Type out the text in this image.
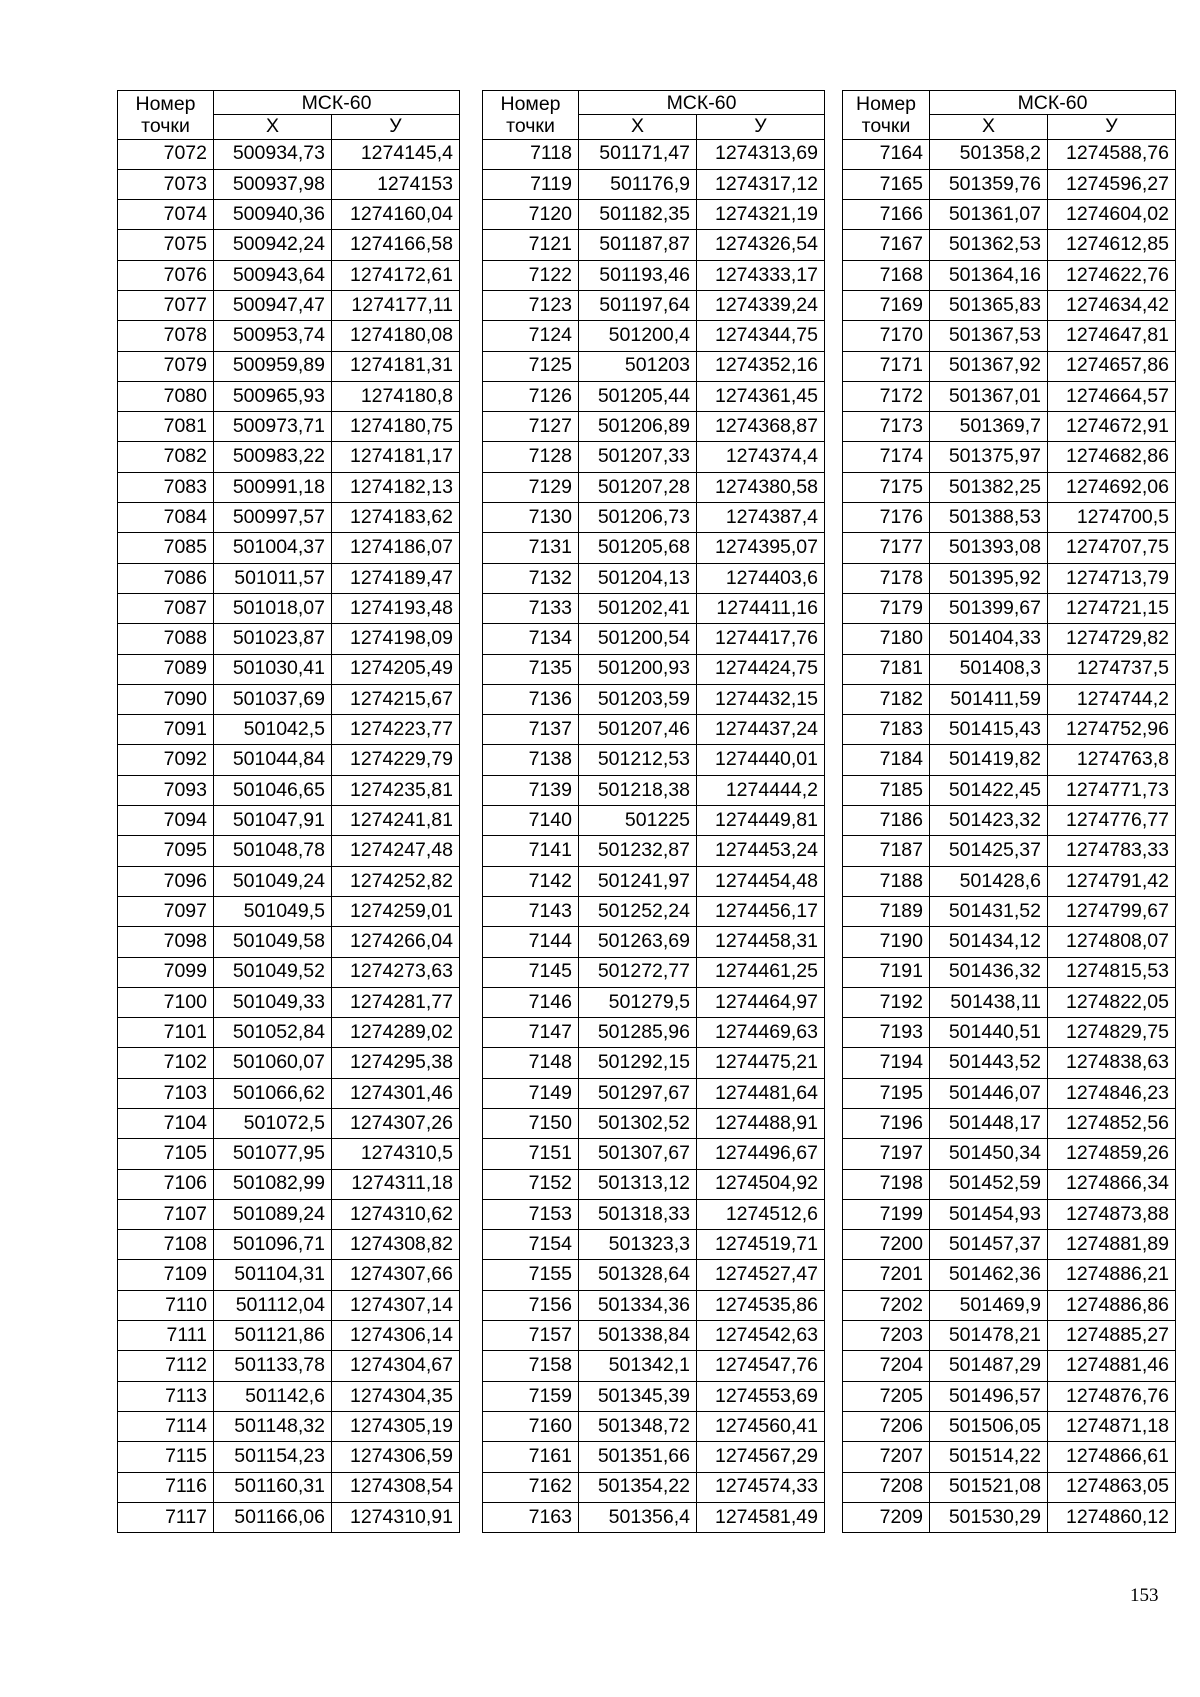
Номер точки	МСК-60	
	Х	У
7072	500934,73	1274145,4
7073	500937,98	1274153
7074	500940,36	1274160,04
7075	500942,24	1274166,58
7076	500943,64	1274172,61
7077	500947,47	1274177,11
7078	500953,74	1274180,08
7079	500959,89	1274181,31
7080	500965,93	1274180,8
7081	500973,71	1274180,75
7082	500983,22	1274181,17
7083	500991,18	1274182,13
7084	500997,57	1274183,62
7085	501004,37	1274186,07
7086	501011,57	1274189,47
7087	501018,07	1274193,48
7088	501023,87	1274198,09
7089	501030,41	1274205,49
7090	501037,69	1274215,67
7091	501042,5	1274223,77
7092	501044,84	1274229,79
7093	501046,65	1274235,81
7094	501047,91	1274241,81
7095	501048,78	1274247,48
7096	501049,24	1274252,82
7097	501049,5	1274259,01
7098	501049,58	1274266,04
7099	501049,52	1274273,63
7100	501049,33	1274281,77
7101	501052,84	1274289,02
7102	501060,07	1274295,38
7103	501066,62	1274301,46
7104	501072,5	1274307,26
7105	501077,95	1274310,5
7106	501082,99	1274311,18
7107	501089,24	1274310,62
7108	501096,71	1274308,82
7109	501104,31	1274307,66
7110	501112,04	1274307,14
7111	501121,86	1274306,14
7112	501133,78	1274304,67
7113	501142,6	1274304,35
7114	501148,32	1274305,19
7115	501154,23	1274306,59
7116	501160,31	1274308,54
7117	501166,06	1274310,91
Номер точки	МСК-60	
	Х	У
7118	501171,47	1274313,69
7119	501176,9	1274317,12
7120	501182,35	1274321,19
7121	501187,87	1274326,54
7122	501193,46	1274333,17
7123	501197,64	1274339,24
7124	501200,4	1274344,75
7125	501203	1274352,16
7126	501205,44	1274361,45
7127	501206,89	1274368,87
7128	501207,33	1274374,4
7129	501207,28	1274380,58
7130	501206,73	1274387,4
7131	501205,68	1274395,07
7132	501204,13	1274403,6
7133	501202,41	1274411,16
7134	501200,54	1274417,76
7135	501200,93	1274424,75
7136	501203,59	1274432,15
7137	501207,46	1274437,24
7138	501212,53	1274440,01
7139	501218,38	1274444,2
7140	501225	1274449,81
7141	501232,87	1274453,24
7142	501241,97	1274454,48
7143	501252,24	1274456,17
7144	501263,69	1274458,31
7145	501272,77	1274461,25
7146	501279,5	1274464,97
7147	501285,96	1274469,63
7148	501292,15	1274475,21
7149	501297,67	1274481,64
7150	501302,52	1274488,91
7151	501307,67	1274496,67
7152	501313,12	1274504,92
7153	501318,33	1274512,6
7154	501323,3	1274519,71
7155	501328,64	1274527,47
7156	501334,36	1274535,86
7157	501338,84	1274542,63
7158	501342,1	1274547,76
7159	501345,39	1274553,69
7160	501348,72	1274560,41
7161	501351,66	1274567,29
7162	501354,22	1274574,33
7163	501356,4	1274581,49
Номер точки	МСК-60	
	Х	У
7164	501358,2	1274588,76
7165	501359,76	1274596,27
7166	501361,07	1274604,02
7167	501362,53	1274612,85
7168	501364,16	1274622,76
7169	501365,83	1274634,42
7170	501367,53	1274647,81
7171	501367,92	1274657,86
7172	501367,01	1274664,57
7173	501369,7	1274672,91
7174	501375,97	1274682,86
7175	501382,25	1274692,06
7176	501388,53	1274700,5
7177	501393,08	1274707,75
7178	501395,92	1274713,79
7179	501399,67	1274721,15
7180	501404,33	1274729,82
7181	501408,3	1274737,5
7182	501411,59	1274744,2
7183	501415,43	1274752,96
7184	501419,82	1274763,8
7185	501422,45	1274771,73
7186	501423,32	1274776,77
7187	501425,37	1274783,33
7188	501428,6	1274791,42
7189	501431,52	1274799,67
7190	501434,12	1274808,07
7191	501436,32	1274815,53
7192	501438,11	1274822,05
7193	501440,51	1274829,75
7194	501443,52	1274838,63
7195	501446,07	1274846,23
7196	501448,17	1274852,56
7197	501450,34	1274859,26
7198	501452,59	1274866,34
7199	501454,93	1274873,88
7200	501457,37	1274881,89
7201	501462,36	1274886,21
7202	501469,9	1274886,86
7203	501478,21	1274885,27
7204	501487,29	1274881,46
7205	501496,57	1274876,76
7206	501506,05	1274871,18
7207	501514,22	1274866,61
7208	501521,08	1274863,05
7209	501530,29	1274860,12
153
